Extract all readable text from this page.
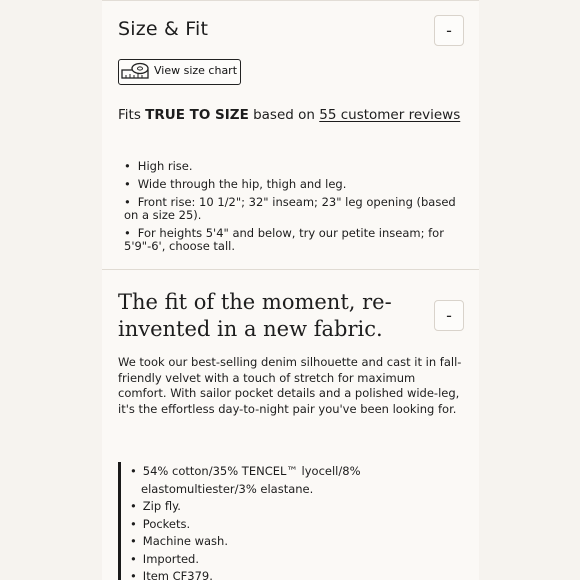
Size & Fit	-
View size chart
Fits TRUE TO SIZE based on 55 customer reviews
• High rise.
• Wide through the hip, thigh and leg.
• Front rise: 10 1/2"; 32" inseam; 23" leg opening (based on a size 25).
• For heights 5'4" and below, try our petite inseam; for 5'9"-6', choose tall.
The fit of the moment, re-invented in a new fabric.
-
We took our best-selling denim silhouette and cast it in fall-friendly velvet with a touch of stretch for maximum comfort. With sailor pocket details and a polished wide-leg, it's the effortless day-to-night pair you've been looking for.
• 54% cotton/35% TENCEL™ lyocell/8% elastomultiester/3% elastane.
• Zip fly.
• Pockets.
• Machine wash.
• Imported.
• Item CF379.
